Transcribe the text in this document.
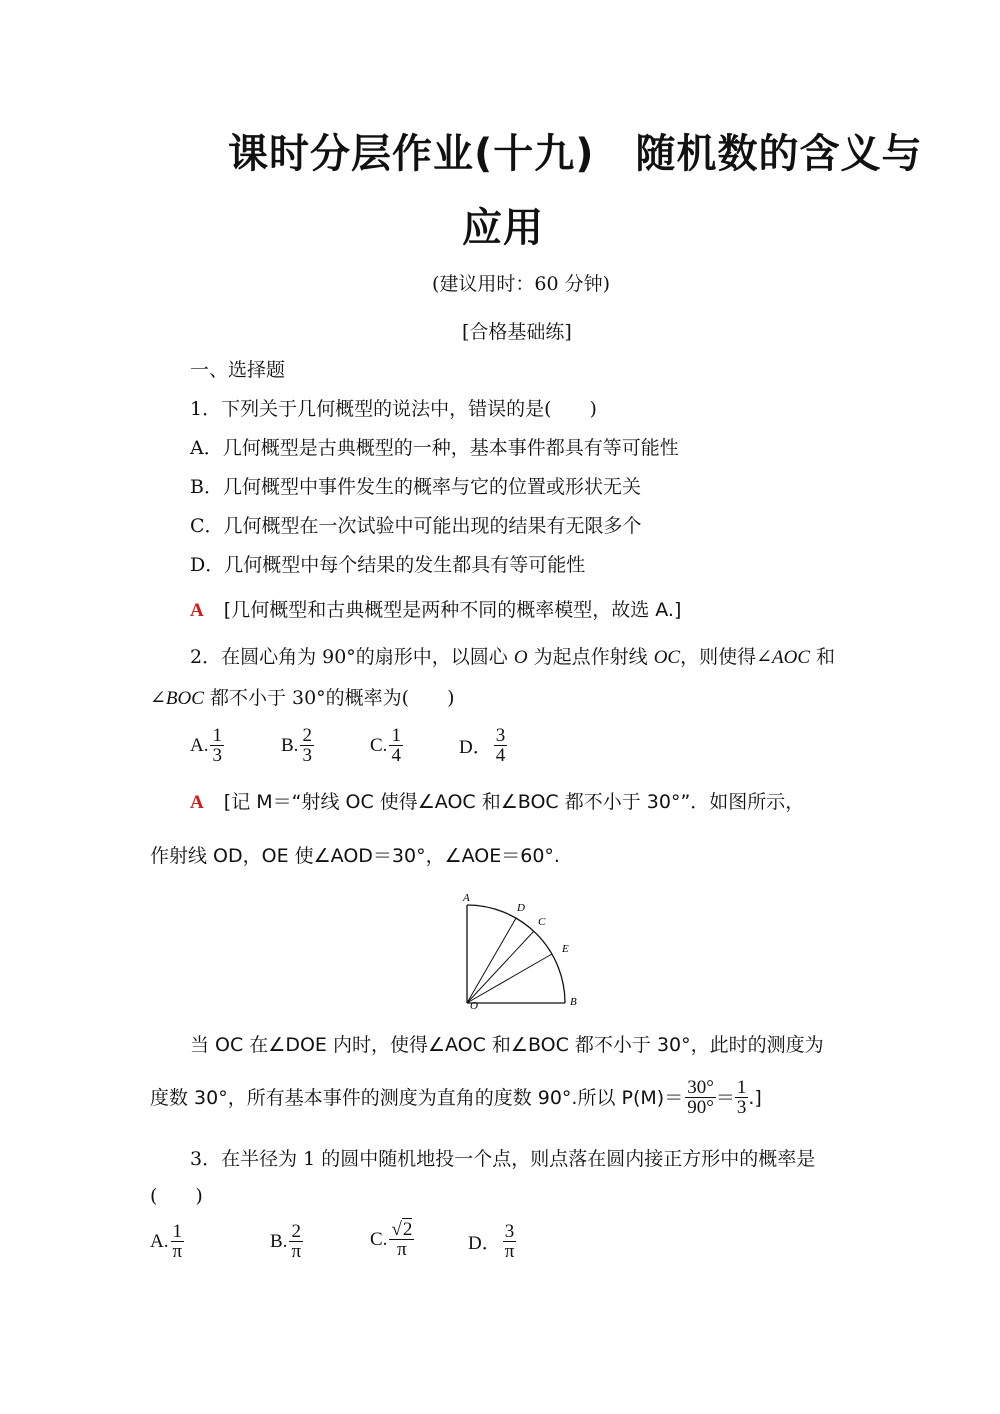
课时分层作业(十九)　随机数的含义与
应用
(建议用时：60 分钟)
[合格基础练]
一、选择题
1．下列关于几何概型的说法中，错误的是(　　)
A．几何概型是古典概型的一种，基本事件都具有等可能性
B．几何概型中事件发生的概率与它的位置或形状无关
C．几何概型在一次试验中可能出现的结果有无限多个
D．几何概型中每个结果的发生都具有等可能性
A [几何概型和古典概型是两种不同的概率模型，故选 A.]
2．在圆心角为 90°的扇形中，以圆心 O 为起点作射线 OC，则使得∠AOC 和
∠BOC 都不小于 30°的概率为(　　)
A. $\frac{1}{3}$	B. $\frac{2}{3}$	C. $\frac{1}{4}$	D． $\frac{3}{4}$
A [记 M＝“射线 OC 使得∠AOC 和∠BOC 都不小于 30°”．如图所示，
作射线 OD，OE 使∠AOD＝30°，∠AOE＝60°.
A
D
C
E
O	B
当 OC 在∠DOE 内时，使得∠AOC 和∠BOC 都不小于 30°，此时的测度为
度数 30°，所有基本事件的测度为直角的度数 90°.所以 $P(M)= \frac{30^\circ}{90^\circ} = \frac{1}{3}$ .]
3．在半径为 1 的圆中随机地投一个点，则点落在圆内接正方形中的概率是
(　　)
A. $\frac{1}{\pi}$	B. $\frac{2}{\pi}$	C. $\frac{√2}{\pi}$	D． $\frac{3}{\pi}$
